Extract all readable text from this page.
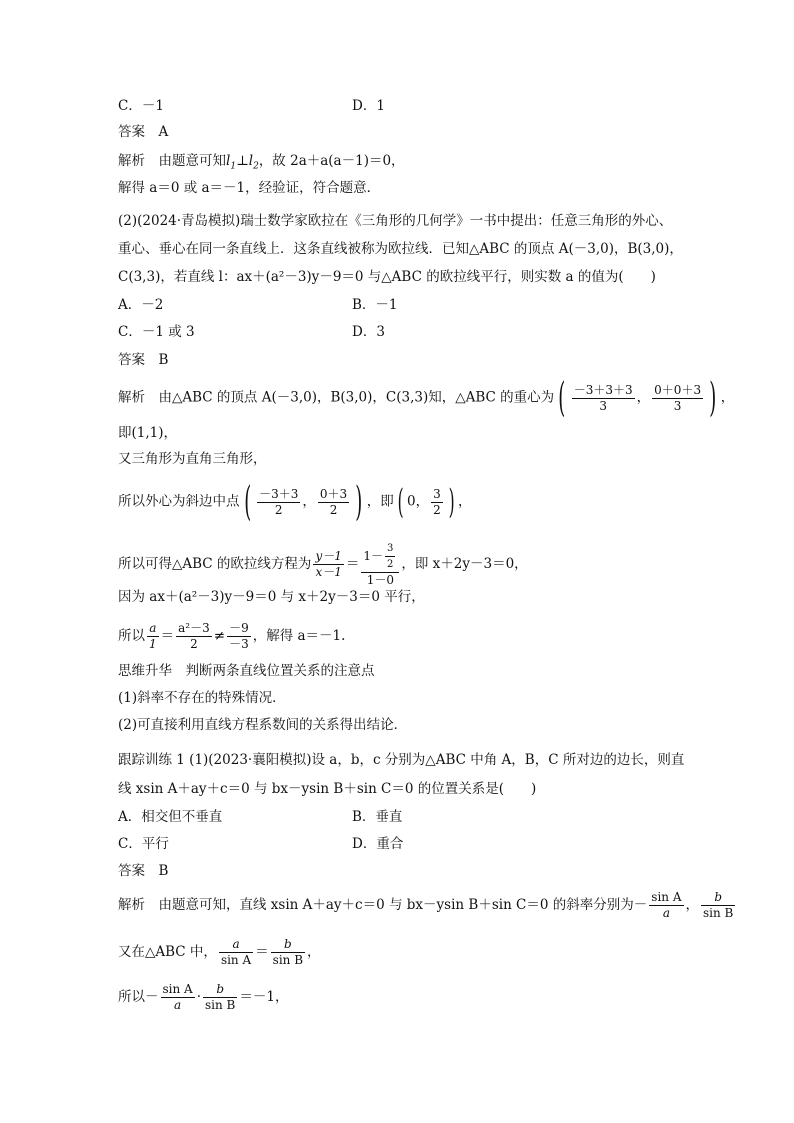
C．－1	D．1
答案　A
解析　由题意可知$l_1\perp l_2$，故 2a＋a(a－1)＝0，
解得 a＝0 或 a＝－1，经验证，符合题意．
(2)(2024·青岛模拟)瑞士数学家欧拉在《三角形的几何学》一书中提出：任意三角形的外心、
重心、垂心在同一条直线上．这条直线被称为欧拉线．已知△ABC 的顶点 A(－3,0)，B(3,0)，
C(3,3)，若直线 l：ax＋(a²－3)y－9＝0 与△ABC 的欧拉线平行，则实数 a 的值为(　　)
A．－2	B．－1
C．－1 或 3	D．3
答案　B
解析　由△ABC 的顶点 A(－3,0)，B(3,0)，C(3,3)知，△ABC 的重心为 ( $\frac{-3+3+3}{3}$ ， $\frac{0+0+3}{3}$ ) ，
即(1,1)，
又三角形为直角三角形，
所以外心为斜边中点 ( $\frac{-3+3}{2}$ ， $\frac{0+3}{2}$ ) ，即 ( 0， $\frac{3}{2}$ ) ，
所以可得△ABC 的欧拉线方程为 $\frac{y-1}{x-1} = \frac{1- \frac{3}{2}}{1-0}$ ，即 x＋2y－3＝0，
因为 ax＋(a²－3)y－9＝0 与 x＋2y－3＝0 平行，
所以 $\frac{a}{1} = \frac{\text{a²－3}}{2} \ne \frac{-9}{-3}$ ，解得 a＝－1.
思维升华　判断两条直线位置关系的注意点
(1)斜率不存在的特殊情况．
(2)可直接利用直线方程系数间的关系得出结论．
跟踪训练 1 (1)(2023·襄阳模拟)设 a，b，c 分别为△ABC 中角 A，B，C 所对边的边长，则直
线 xsin A＋ay＋c＝0 与 bx－ysin B＋sin C＝0 的位置关系是(　　)
A．相交但不垂直	B．垂直
C．平行	D．重合
答案　B
解析　由题意可知，直线 xsin A＋ay＋c＝0 与 bx－ysin B＋sin C＝0 的斜率分别为－ $\frac{\text{sin A}}{a}$ ， $\frac{b}{\text{sin B}}$
又在△ABC 中， $\frac{a}{\text{sin A}} = \frac{b}{\text{sin B}}$ ，
所以－ $\frac{\text{sin A}}{a} \cdot \frac{b}{\text{sin B}} =-1$，
